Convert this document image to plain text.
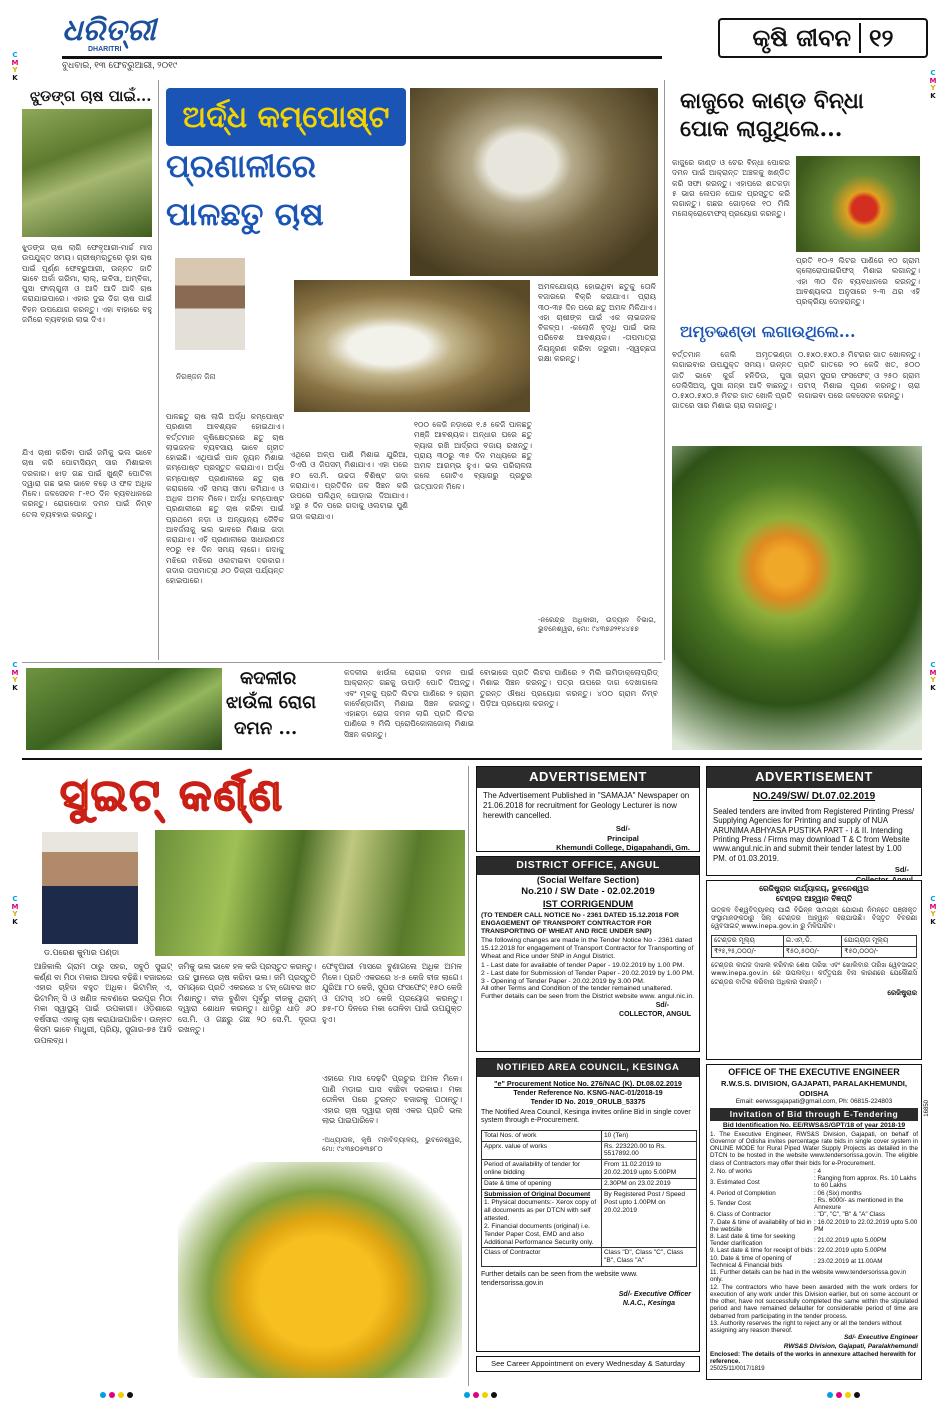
ଧରିତ୍ରୀ
DHARITRI
ବୁଧବାର, ୧୩ ଫେବ୍ରୁଆରୀ, ୨୦୧୯
କୃଷି ଜୀବନ ୧୨
C
M
Y
K
C
M
Y
K
C
M
Y
K
C
M
Y
K
C
M
Y
K
C
M
Y
K
ଝୁଡଙ୍ଗ ଚାଷ ପାଇଁ...
ଝୁଡଙ୍ଗ ଚାଷ ଲାଗି ଫେବୃଆରୀ-ମାର୍ଚ୍ଚ ମାସ ଉପଯୁକ୍ତ ସମୟ। ଗ୍ରୀଷ୍ମଋତୁରେ ଲୁହା ଚାଷ ପାଇଁ ପୂର୍ଣ୍ଣ ଫେବ୍ରୁଆରୀ, ଉନ୍ନତ ଜାତି ଭାବେ ଅର୍କା ଗରିମା, ଲାଲ୍, ଇବିସା, ଅମ୍ବିକା, ପୁସା ଫାଲ୍ଗୁନୀ ଓ ଆଦି ଆଦି ଆଦି ଚାଷ କରାଯାଇପାରେ। ଏହାର ଦୁଇ ଦିଗ ଚାଷ ପାଇଁ ବିହନ ଉପଯୋଗ କରନ୍ତୁ। ଏହା ବାହାରେ ବହୁ ଜମିରେ ବ୍ୟବହାର ଲାଭ ଦିଏ।
ଯିଏ ଚାଷୀ କରିବା ପାଇଁ ଜମିକୁ ଭଲ ଭାବେ ଚାଷ କରି ପୋଟାସିୟମ୍ ସାର ମିଶାଇବା ଦରକାର। ଝାଡ଼ ଗଛ ପାଇଁ ଖୁଣ୍ଟି ପୋତିବା ଦ୍ୱାରା ଗଛ ଭଲ ଭାବେ ବଢ଼େ ଓ ଫଳ ଅଧିକ ମିଳେ। ଜଳସେଚନ ୮-୧୦ ଦିନ ବ୍ୟବଧାନରେ କରନ୍ତୁ। ରୋଗପୋକ ଦମନ ପାଇଁ ନିମ୍ବ ତେଲ ବ୍ୟବହାର କରନ୍ତୁ।
ଅର୍ଦ୍ଧ କମ୍ପୋଷ୍ଟ
ପ୍ରଣାଳୀରେ
ପାଳଛତୁ ଚାଷ
ନିରଞ୍ଜନ ଜିନା
ପାଳଛତୁ ଚାଷ ଲାଗି ଅର୍ଦ୍ଧ କମ୍ପୋଷ୍ଟ ପ୍ରଣାଳୀ ଆବଶ୍ୟକ ହୋଇଥାଏ। ବର୍ତ୍ତମାନ କୃଷିକ୍ଷେତ୍ରରେ ଛତୁ ଚାଷ ଲାଭଜନକ ବ୍ୟବସାୟ ଭାବେ ଗୃହୀତ ହୋଇଛି। ଏଥିପାଇଁ ପାଳ ନ୍ୟୁନ ମିଶାଇ କମ୍ପୋଷ୍ଟ ପ୍ରସ୍ତୁତ କରାଯାଏ। ଅର୍ଦ୍ଧ କମ୍ପୋଷ୍ଟ ପ୍ରଣାଳୀରେ ଛତୁ ଚାଷ କରାଗଲେ ଏହି ସମୟ ସୀମା କମିଯାଏ ଓ ଅଧିକ ଅମଳ ମିଳେ। ଅର୍ଦ୍ଧ କମ୍ପୋଷ୍ଟ ପ୍ରଣାଳୀରେ ଛତୁ ଚାଷ କରିବା ପାଇଁ ପ୍ରଥମେ ନଡ଼ା ଓ ଅନ୍ୟାନ୍ୟ ଜୈବିକ ଆବର୍ଜନାକୁ ଭଲ ଭାବରେ ମିଶାଇ ଗଦା କରାଯାଏ। ଏହି ପ୍ରଣାଳୀରେ ସାଧାରଣତଃ ୧୦ରୁ ୧୫ ଦିନ ସମୟ ଲାଗେ। ଗଦାକୁ ମଝିରେ ମଝିରେ ଓଲଟାଇବା ଦରକାର। ଗଦାର ତାପମାତ୍ରା ୬୦ ଡିଗ୍ରୀ ପର୍ଯ୍ୟନ୍ତ ହୋଇପାରେ।
ଏଥିରେ ଅଳ୍ପ ପାଣି ମିଶାଇ ଯୁରିଆ, ଡିଏପି ଓ ଜିପସମ୍ ମିଶାଯାଏ। ଏହା ପରେ ୫୦ ସେ.ମି. ଉଚ୍ଚତା ବିଶିଷ୍ଟ ଗଦା କରାଯାଏ। ପ୍ରତିଦିନ ଜଳ ସିଞ୍ଚନ କରି ଉପରେ ପଲିଥିନ୍ ଘୋଡ଼ାଇ ଦିଆଯାଏ। ୪ରୁ ୫ ଦିନ ପରେ ଗଦାକୁ ଓଲଟାଇ ପୁଣି ଗଦା କରାଯାଏ।
୧୦୦ କେଜି ନଡ଼ାରେ ୧.୫ କେଜି ପାଳଛତୁ ମଞ୍ଜି ଆବଶ୍ୟକ। ଅନ୍ଧାର ଘରେ ଛତୁ ବ୍ୟାଗ ରଖି ଆର୍ଦ୍ରତା ବଜାୟ ରଖନ୍ତୁ। ପ୍ରାୟ ୩୦ରୁ ୩୫ ଦିନ ମଧ୍ୟରେ ଛତୁ ଅମଳ ଆରମ୍ଭ ହୁଏ। ଭଲ ପରିଚାଳନା କଲେ ଗୋଟିଏ ବ୍ୟାଗରୁ ପ୍ରଚୁର ଉତ୍ପାଦନ ମିଳେ।
ଅମଳଯୋଗ୍ୟ ହୋଇଥିବା ଛତୁକୁ ତୋଳି ବଜାରରେ ବିକ୍ରି କରାଯାଏ। ପ୍ରାୟ ୩୦-୩୫ ଦିନ ପରେ ଛତୁ ଅମଳ ମିଳିଥାଏ। ଏହା ଚାଷୀଙ୍କ ପାଇଁ ଏକ ଲାଭଜନକ ବିକଳ୍ପ। -କଲୋନି ବୃଦ୍ଧି ପାଇଁ ଭଲ ପରିବେଶ ଆବଶ୍ୟକ। -ତାପମାତ୍ରା ନିୟନ୍ତ୍ରଣ କରିବା ଜରୁରୀ। -ସ୍ୱଚ୍ଛତା ରକ୍ଷା କରନ୍ତୁ।
-ନରେନ୍ଦ୍ର ଅଧିକାରୀ, ଉଦ୍ୟାନ ବିଭାଗ, ଭୁବନେଶ୍ୱର, ମୋ: ୯୪୩୭୬୨୧୪୪୫୭
କାଜୁରେ କାଣ୍ଡ ବିନ୍ଧା
ପୋକ ଲାଗୁଥିଲେ...
କାଜୁରେ କାଣ୍ଡ ଓ ଚେର ବିନ୍ଧା ପୋକର ଦମନ ପାଇଁ ଆକ୍ରାନ୍ତ ଅଞ୍ଚଳକୁ ଖଣ୍ଡିତ କରି ସଫା କରନ୍ତୁ। ଏହାପରେ ଶତକଡ଼ା ୫ ଭାଗ ଲେପନ ଘୋଳ ପ୍ରସ୍ତୁତ କରି ଲଗାନ୍ତୁ। ଗଛର ଗୋଡ଼ରେ ୧୦ ମିଲି ମନୋକ୍ରୋଟୋଫସ୍ ପ୍ରୟୋଗ କରନ୍ତୁ।
ପ୍ରତି ୧୦-୨ ଲିଟର ପାଣିରେ ୧୦ ଗ୍ରାମ କ୍ଲୋରୋପାଇରିଫସ୍ ମିଶାଇ ଲଗାନ୍ତୁ। ଏହା ୩୦ ଦିନ ବ୍ୟବଧାନରେ କରନ୍ତୁ। ଆବଶ୍ୟକତା ଅନୁସାରେ ୨-୩ ଥର ଏହି ପ୍ରକ୍ରିୟା ଦୋହରାନ୍ତୁ।
ଅମୃତଭଣ୍ଡା ଲଗାଉଥିଲେ...
ବର୍ତ୍ତମାନ ଜେଲି ଅମୃତଭଣ୍ଡା ଲଗାଇବାର ଉପଯୁକ୍ତ ସମୟ। ଉନ୍ନତ ଜାତି ଭାବେ କୁର୍ଗ ହନିଡିଉ, ପୁସା ଡେଲିସିଅସ୍, ପୁସା ନାନ୍ହା ଆଦି ବାଛନ୍ତୁ। ୦.୫x୦.୫x୦.୫ ମିଟର ଗାତ ଖୋଳି ପ୍ରତି ଗାତରେ ସାର ମିଶାଇ ଚାରା ଲଗାନ୍ତୁ।
୦.୫x୦.୫x୦.୫ ମିଟରର ଗାତ ଖୋଳନ୍ତୁ। ପ୍ରତି ଗାତରେ ୨୦ କେଜି ଖତ, ୫୦୦ ଗ୍ରାମ ସୁପର ଫସଫେଟ୍ ଓ ୨୫୦ ଗ୍ରାମ ପଟାସ୍ ମିଶାଇ ପୂରଣ କରନ୍ତୁ। ଚାରା ଲଗାଇବା ପରେ ଜଳସେଚନ କରନ୍ତୁ।
କଦଳୀର
ଝାଉଁଳା ରୋଗ
ଦମନ ...
କଦଳୀର ଝାଉଁଳା ରୋଗର ଦମନ ପାଇଁ ଆକ୍ରାନ୍ତ ଗଛକୁ ଉପାଡ଼ି ପୋତି ଦିଅନ୍ତୁ। ଏବଂ ମୂଳକୁ ପ୍ରତି ଲିଟର ପାଣିରେ ୨ ଗ୍ରାମ କାର୍ବେଣ୍ଡାଜିମ୍ ମିଶାଇ ସିଞ୍ଚନ କରନ୍ତୁ। ଏହାଛଡ଼ା ରୋଗ ଦମନ ଲାଗି ପ୍ରତି ଲିଟର ପାଣିରେ ୨ ମିଲି ପ୍ରୋପିକୋନାଜୋଲ୍ ମିଶାଇ ସିଞ୍ଚନ କରନ୍ତୁ।
ବୋଭାରେ ପ୍ରତି ଲିଟର ପାଣିରେ ୨ ମିଲି ଇମିଡାକ୍ଲୋପ୍ରିଡ୍ ମିଶାଇ ସିଞ୍ଚନ କରନ୍ତୁ। ପତ୍ର ଉପରେ ଦାଗ ଦେଖାଗଲେ ତୁରନ୍ତ ଔଷଧ ପ୍ରୟୋଗ କରନ୍ତୁ। ୪୦୦ ଗ୍ରାମ ନିମ୍ବ ପିଡ଼ିଆ ପ୍ରୟୋଗ କରନ୍ତୁ।
ସୁଇଟ୍ କର୍ଣ୍ଣ
ଡ.ପରେଶ କୁମାର ପଣ୍ଡା
ଆଜିକାଲି ଗ୍ରାମ ଠାରୁ ସହର, ସବୁଠି ସୁଇଟ୍ କର୍ଣ୍ଣ ବା ମିଠା ମକାର ଆଦର ବଢ଼ିଛି। ବଜାରରେ ଏହାର ଚାହିଦା ବହୁତ ଅଧିକ। ଭିଟାମିନ୍ ଏ, ଭିଟାମିନ୍ ସି ଓ ଖଣିଜ ଲବଣରେ ଭରପୂର ମିଠା ମକା ସ୍ୱାସ୍ଥ୍ୟ ପାଇଁ ଉପକାରୀ। ଓଡ଼ିଶାରେ ବର୍ଷସାରା ଏହାକୁ ଚାଷ କରାଯାଇପାରିବ। ଉନ୍ନତ କିସମ ଭାବେ ମାଧୁରୀ, ପ୍ରିୟା, ସୁଗାର-୭୫ ଆଦି ଉପଲବ୍ଧ।
ଜମିକୁ ଭଲ ଭାବେ ହଳ କରି ପ୍ରସ୍ତୁତ କରନ୍ତୁ। ଉଚ୍ଚ ସ୍ଥାନରେ ଚାଷ କରିବା ଭଲ। ଜମି ପ୍ରସ୍ତୁତି ସମୟରେ ପ୍ରତି ଏକରରେ ୪ ଟନ୍ ଗୋବର ଖତ ମିଶାନ୍ତୁ। ବୀଜ ବୁଣିବା ପୂର୍ବରୁ ବୀଜକୁ ଥିରାମ୍ ଦ୍ୱାରା ଶୋଧନ କରନ୍ତୁ। ଧାଡ଼ିରୁ ଧାଡ଼ି ୬୦ ସେ.ମି. ଓ ଗଛରୁ ଗଛ ୨୦ ସେ.ମି. ଦୂରତା ରଖନ୍ତୁ।
ଫେବୃଆରୀ ମାସରେ ବୁଣାଗଲେ ଅଧିକ ଅମଳ ମିଳେ। ପ୍ରତି ଏକରରେ ୪-୫ କେଜି ବୀଜ ଲାଗେ। ଯୁରିଆ ୮୦ କେଜି, ସୁପର ଫସଫେଟ୍ ୧୫୦ କେଜି ଓ ପଟାସ୍ ୪୦ କେଜି ପ୍ରୟୋଗ କରନ୍ତୁ। ୭୫-୮୦ ଦିନରେ ମକା ତୋଳିବା ପାଇଁ ଉପଯୁକ୍ତ ହୁଏ।
ଏହାରେ ମାସ ଦେଢ଼ଟି ପ୍ରଚୁର ଅମଳ ମିଳେ। ପାଣି ମଡ଼ାଇ ଘାସ ବାଛିବା ଦରକାର। ମକା ତୋଳିବା ପରେ ତୁରନ୍ତ ବଜାରକୁ ପଠାନ୍ତୁ। ଏହାର ଚାଷ ଦ୍ୱାରା ଚାଷୀ ଏକର ପ୍ରତି ଭଲ ଲାଭ ପାଇପାରିବେ।
-ଅଧ୍ୟାପକ, କୃଷି ମହାବିଦ୍ୟାଳୟ, ଭୁବନେଶ୍ୱର, ମୋ: ୯୪୩୭୦୭୩୭୮୦
ADVERTISEMENT
The Advertisement Published in "SAMAJA" Newspaper on 21.06.2018 for recruitment for Geology Lecturer is now herewith cancelled.
Sd/-
Principal
Khemundi College, Digapahandi, Gm.
ADVERTISEMENT
NO.249/SW/ Dt.07.02.2019
Sealed tenders are invited from Registered Printing Press/ Supplying Agencies for Printing and supply of NUA ARUNIMA ABHYASA PUSTIKA PART - I & II. Intending Printing Press / Firms may download T & C from Website www.angul.nic.in and submit their tender latest by 1.00 PM. of 01.03.2019.
Sd/-
DISTRICT OFFICE, ANGUL
(Social Welfare Section)
No.210 / SW Date - 02.02.2019
IST CORRIGENDUM
(TO TENDER CALL NOTICE No - 2361 DATED 15.12.2018 FOR ENGAGEMENT OF TRANSPORT CONTRACTOR FOR TRANSPORTING OF WHEAT AND RICE UNDER SNP)
The following changes are made in the Tender Notice No - 2361 dated 15.12.2018 for engagement of Transport Contractor for Transporting of Wheat and Rice under SNP in Angul District.
1 - Last date for available of tender Paper - 19.02.2019 by 1.00 PM.
2 - Last date for Submission of Tender Paper - 20.02.2019 by 1.00 PM.
3 - Opening of Tender Paper - 20.02.2019 by 3.00 PM.
All other Terms and Condition of the tender remained unaltered.
Further details can be seen from the District website www. angul.nic.in.
Sd/-
COLLECTOR, ANGUL
ରେଜିଷ୍ଟ୍ରାର କାର୍ଯ୍ୟାଳୟ, ଭୁବନେଶ୍ୱର
ଟେଣ୍ଡର ଆହ୍ୱାନ ବିଜ୍ଞପ୍ତି
ଉତ୍କଳ ବିଶ୍ୱବିଦ୍ୟାଳୟ ପାଇଁ ବିଭିନ୍ନ ସାମଗ୍ରୀ ଯୋଗାଣ ନିମନ୍ତେ ପଞ୍ଜୀକୃତ ସଂସ୍ଥାମାନଙ୍କଠାରୁ ସିଲ୍ ଟେଣ୍ଡର ଆହ୍ୱାନ କରାଯାଉଛି। ବିସ୍ତୃତ ବିବରଣୀ ୱେବସାଇଟ୍ www.inepa.gov.in ରୁ ମିଳିପାରିବ।
ଟେଣ୍ଡର ମୂଲ୍ୟ	ଇ.ଏମ୍.ଡି.	ଯୋଗ୍ୟତା ମୂଲ୍ୟ
₹୨୫,୨୫,୦୦୦/-	₹୫୦,୫୦୦/-	₹୫୦,୦୦୦/-
ଟେଣ୍ଡର କାଗଜ ଦାଖଲ କରିବାର ଶେଷ ତାରିଖ ଏବଂ ଖୋଲିବାର ତାରିଖ ୱେବସାଇଟ୍ www.inepa.gov.in ରେ ଉପଲବ୍ଧ। କର୍ତ୍ତୃପକ୍ଷ ବିନା କାରଣରେ ଯେକୌଣସି ଟେଣ୍ଡର ବାତିଲ କରିବାର ଅଧିକାର ରଖନ୍ତି।
ରେଜିଷ୍ଟ୍ରାର
NOTIFIED AREA COUNCIL, KESINGA
"e" Procurement Notice No. 276/NAC (K). Dt.08.02.2019
Tender Reference No. KSNG-NAC-01/2018-19
Tender ID No. 2019_ORULB_53375
The Notified Area Council, Kesinga invites online Bid in single cover system through e-Procurement.
Total Nos. of work	10 (Ten)
Apprx. value of works	Rs. 223220.00 to Rs. 5517892.00
Period of availability of tender for online bidding	From 11.02.2019 to 20.02.2019 upto 5.00PM
Date & time of opening	2.30PM on 23.02.2019

Submission of Original Document
1. Physical documents:- Xerox copy of all documents as per DTCN with self attested.
2. Financial documents (original) i.e. Tender Paper Cost, EMD and also Additional Performance Security only.	By Registered Post / Speed Post upto 1.00PM on 20.02.2019
Class of Contractor	Class "D", Class "C", Class "B", Class "A"
Further details can be seen from the website www. tendersorissa.gov.in
Sd/- Executive Officer
N.A.C., Kesinga
See Career Appointment on every Wednesday & Saturday
OFFICE OF THE EXECUTIVE ENGINEER
R.W.S.S. DIVISION, GAJAPATI, PARALAKHEMUNDI, ODISHA
Email: eerwssgajapati@gmail.com, Ph: 06815-224803
Invitation of Bid through E-Tendering
Bid Identification No. EE/RWS&S/GPT/18 of year 2018-19
1. The Executive Engineer, RWS&S Division, Gajapati, on behalf of Governor of Odisha invites percentage rate bids in single cover system in ONLINE MODE for Rural Piped Water Supply Projects as detailed in the DTCN to be hosted in the website www.tendersorissa.gov.in. The eligible class of Contractors may offer their bids for e-Procurement.
2. No. of works	: 4
3. Estimated Cost	: Ranging from approx. Rs. 10 Lakhs to 60 Lakhs
4. Period of Completion	: 06 (Six) months
5. Tender Cost	: Rs. 6000/- as mentioned in the Annexure
6. Class of Contractor	: "D", "C", "B" & "A" Class
7. Date & time of availability of bid in the website	: 16.02.2019 to 22.02.2019 upto 5.00 PM
8. Last date & time for seeking Tender clarification	: 21.02.2019 upto 5.00PM
9. Last date & time for receipt of bids	: 22.02.2019 upto 5.00PM
10. Date & time of opening of Technical & Financial bids	: 23.02.2019 at 11.00AM
11. Further details can be had in the website www.tendersorissa.gov.in only.
12. The contractors who have been awarded with the work orders for execution of any work under this Division earlier, but on some account or the other, have not successfully completed the same within the stipulated period and have remained defaulter for considerable period of time are debarred from participating in the tender process.
13. Authority reserves the right to reject any or all the tenders without assigning any reason thereof.
Sd/- Executive Engineer
RWS&S Division, Gajapati, Paralakhemundi
Enclosed: The details of the works in annexure attached herewith for reference.
25025/11/0017/1819
16850
